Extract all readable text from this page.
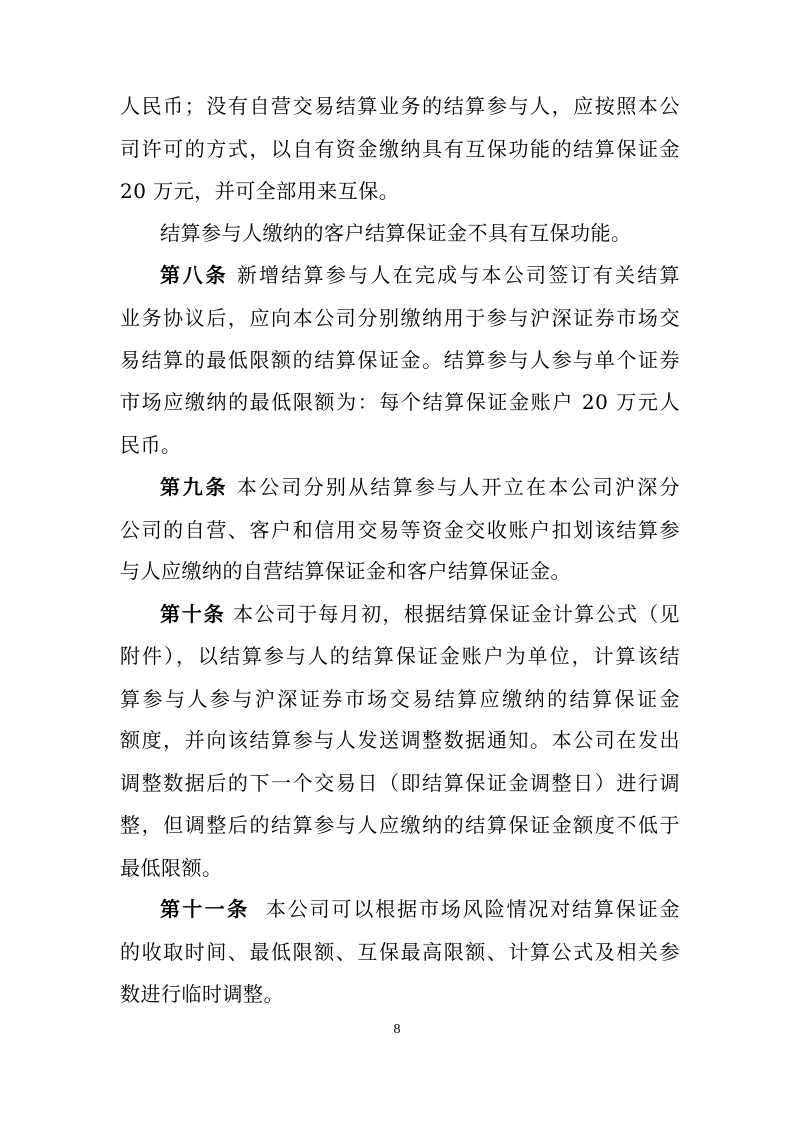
人民币；没有自营交易结算业务的结算参与人，应按照本公
司许可的方式，以自有资金缴纳具有互保功能的结算保证金
20 万元，并可全部用来互保。
结算参与人缴纳的客户结算保证金不具有互保功能。
第八条 新增结算参与人在完成与本公司签订有关结算
业务协议后，应向本公司分别缴纳用于参与沪深证券市场交
易结算的最低限额的结算保证金。结算参与人参与单个证券
市场应缴纳的最低限额为：每个结算保证金账户 20 万元人
民币。
第九条 本公司分别从结算参与人开立在本公司沪深分
公司的自营、客户和信用交易等资金交收账户扣划该结算参
与人应缴纳的自营结算保证金和客户结算保证金。
第十条 本公司于每月初，根据结算保证金计算公式（见
附件），以结算参与人的结算保证金账户为单位，计算该结
算参与人参与沪深证券市场交易结算应缴纳的结算保证金
额度，并向该结算参与人发送调整数据通知。本公司在发出
调整数据后的下一个交易日（即结算保证金调整日）进行调
整，但调整后的结算参与人应缴纳的结算保证金额度不低于
最低限额。
8
第十一条 本公司可以根据市场风险情况对结算保证金
的收取时间、最低限额、互保最高限额、计算公式及相关参
数进行临时调整。
